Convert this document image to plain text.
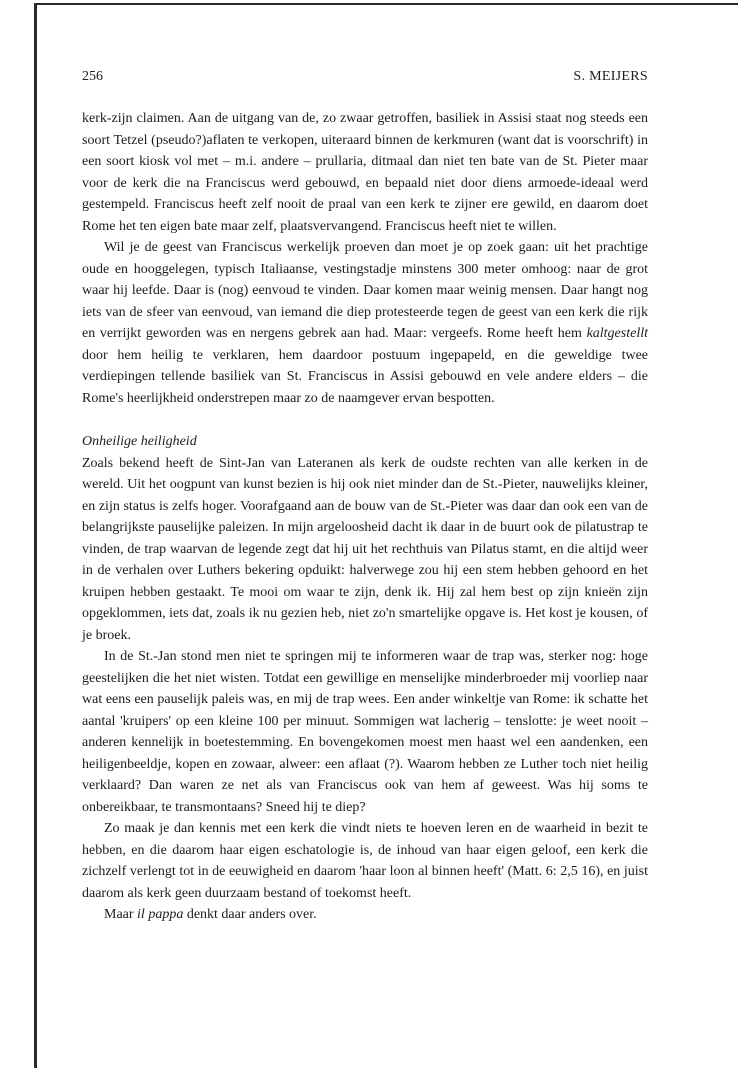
256	S. MEIJERS

kerk-zijn claimen. Aan de uitgang van de, zo zwaar getroffen, basiliek in Assisi staat nog steeds een soort Tetzel (pseudo?)aflaten te verkopen, uiteraard binnen de kerkmuren (want dat is voorschrift) in een soort kiosk vol met – m.i. andere – prullaria, ditmaal dan niet ten bate van de St. Pieter maar voor de kerk die na Franciscus werd gebouwd, en bepaald niet door diens armoede-ideaal werd gestempeld. Franciscus heeft zelf nooit de praal van een kerk te zijner ere gewild, en daarom doet Rome het ten eigen bate maar zelf, plaatsvervangend. Franciscus heeft niet te willen.

Wil je de geest van Franciscus werkelijk proeven dan moet je op zoek gaan: uit het prachtige oude en hooggelegen, typisch Italiaanse, vestingstadje minstens 300 meter omhoog: naar de grot waar hij leefde. Daar is (nog) eenvoud te vinden. Daar komen maar weinig mensen. Daar hangt nog iets van de sfeer van eenvoud, van iemand die diep protesteerde tegen de geest van een kerk die rijk en verrijkt geworden was en nergens gebrek aan had. Maar: vergeefs. Rome heeft hem kaltgestellt door hem heilig te verklaren, hem daardoor postuum ingepapeld, en die geweldige twee verdiepingen tellende basiliek van St. Franciscus in Assisi gebouwd en vele andere elders – die Rome's heerlijkheid onderstrepen maar zo de naamgever ervan bespotten.

Onheilige heiligheid

Zoals bekend heeft de Sint-Jan van Lateranen als kerk de oudste rechten van alle kerken in de wereld. Uit het oogpunt van kunst bezien is hij ook niet minder dan de St.-Pieter, nauwelijks kleiner, en zijn status is zelfs hoger. Voorafgaand aan de bouw van de St.-Pieter was daar dan ook een van de belangrijkste pauselijke paleizen. In mijn argeloosheid dacht ik daar in de buurt ook de pilatustrap te vinden, de trap waarvan de legende zegt dat hij uit het rechthuis van Pilatus stamt, en die altijd weer in de verhalen over Luthers bekering opduikt: halverwege zou hij een stem hebben gehoord en het kruipen hebben gestaakt. Te mooi om waar te zijn, denk ik. Hij zal hem best op zijn knieën zijn opgeklommen, iets dat, zoals ik nu gezien heb, niet zo'n smartelijke opgave is. Het kost je kousen, of je broek.

In de St.-Jan stond men niet te springen mij te informeren waar de trap was, sterker nog: hoge geestelijken die het niet wisten. Totdat een gewillige en menselijke minderbroeder mij voorliep naar wat eens een pauselijk paleis was, en mij de trap wees. Een ander winkeltje van Rome: ik schatte het aantal 'kruipers' op een kleine 100 per minuut. Sommigen wat lacherig – tenslotte: je weet nooit – anderen kennelijk in boetestemming. En bovengekomen moest men haast wel een aandenken, een heiligenbeeldje, kopen en zowaar, alweer: een aflaat (?). Waarom hebben ze Luther toch niet heilig verklaard? Dan waren ze net als van Franciscus ook van hem af geweest. Was hij soms te onbereikbaar, te transmontaans? Sneed hij te diep?

Zo maak je dan kennis met een kerk die vindt niets te hoeven leren en de waarheid in bezit te hebben, en die daarom haar eigen eschatologie is, de inhoud van haar eigen geloof, een kerk die zichzelf verlengt tot in de eeuwigheid en daarom 'haar loon al binnen heeft' (Matt. 6: 2,5 16), en juist daarom als kerk geen duurzaam bestand of toekomst heeft.

Maar il pappa denkt daar anders over.
